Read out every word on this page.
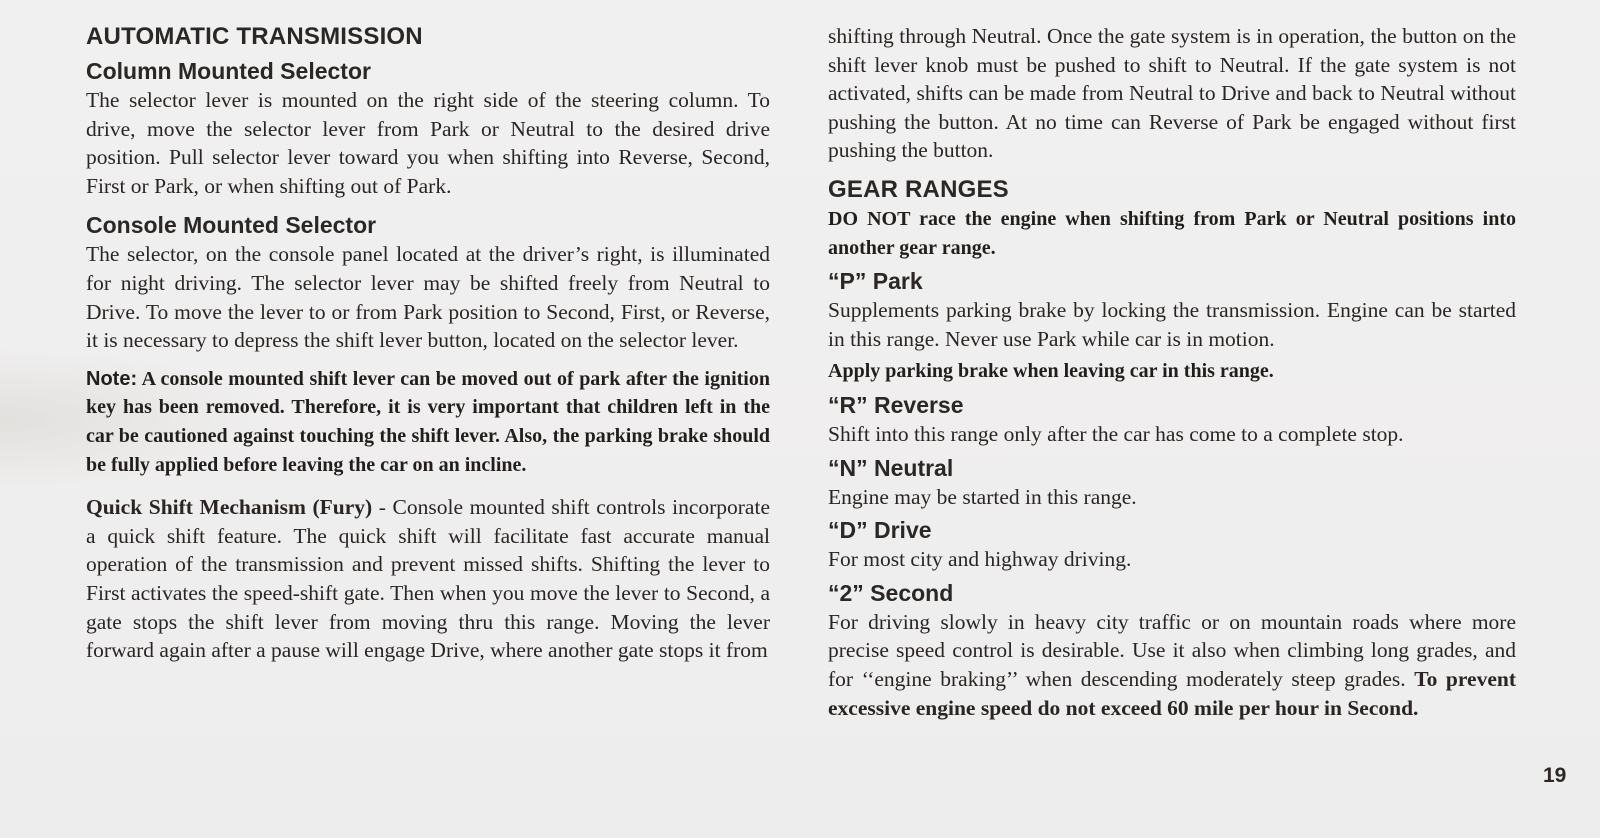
AUTOMATIC TRANSMISSION
Column Mounted Selector

The selector lever is mounted on the right side of the steering column. To drive, move the selector lever from Park or Neutral to the desired drive position. Pull selector lever toward you when shifting into Reverse, Second, First or Park, or when shifting out of Park.

Console Mounted Selector

The selector, on the console panel located at the driver’s right, is illuminated for night driving. The selector lever may be shifted freely from Neutral to Drive. To move the lever to or from Park position to Second, First, or Reverse, it is necessary to depress the shift lever button, located on the selector lever.

Note: A console mounted shift lever can be moved out of park after the ignition key has been removed. Therefore, it is very important that children left in the car be cautioned against touching the shift lever. Also, the parking brake should be fully applied before leaving the car on an incline.

Quick Shift Mechanism (Fury) - Console mounted shift controls incorporate a quick shift feature. The quick shift will facilitate fast accurate manual operation of the transmission and prevent missed shifts. Shifting the lever to First activates the speed-shift gate. Then when you move the lever to Second, a gate stops the shift lever from moving thru this range. Moving the lever forward again after a pause will engage Drive, where another gate stops it from

shifting through Neutral. Once the gate system is in operation, the button on the shift lever knob must be pushed to shift to Neutral. If the gate system is not activated, shifts can be made from Neutral to Drive and back to Neutral without pushing the button. At no time can Reverse of Park be engaged without first pushing the button.

GEAR RANGES

DO NOT race the engine when shifting from Park or Neutral positions into another gear range.

“P” Park

Supplements parking brake by locking the transmission. Engine can be started in this range. Never use Park while car is in motion.

Apply parking brake when leaving car in this range.

“R” Reverse

Shift into this range only after the car has come to a complete stop.

“N” Neutral

Engine may be started in this range.

“D” Drive

For most city and highway driving.

“2” Second

For driving slowly in heavy city traffic or on mountain roads where more precise speed control is desirable. Use it also when climbing long grades, and for ‘‘engine braking’’ when descending moderately steep grades. To prevent excessive engine speed do not exceed 60 mile per hour in Second.

19
